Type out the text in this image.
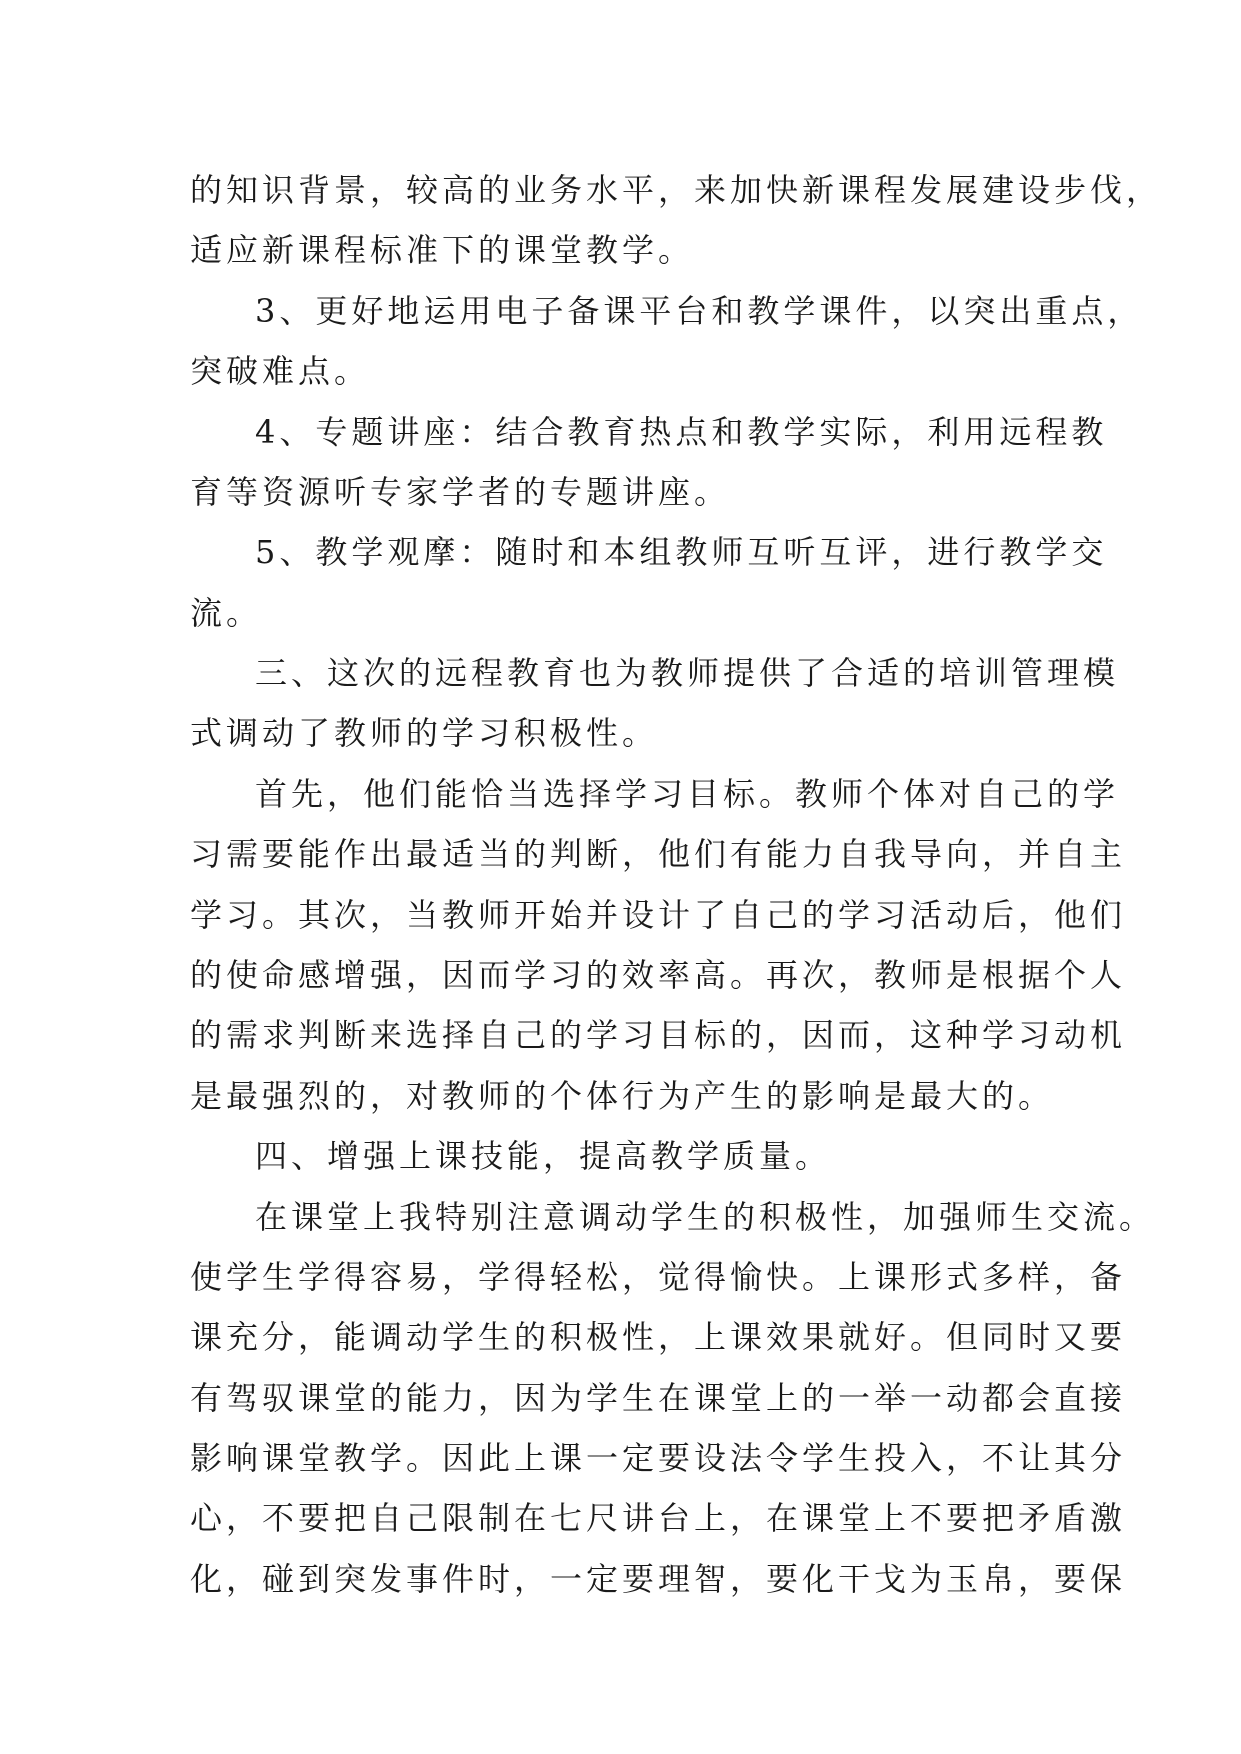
的知识背景，较高的业务水平，来加快新课程发展建设步伐，
适应新课程标准下的课堂教学。
3、更好地运用电子备课平台和教学课件，以突出重点，
突破难点。
4、专题讲座：结合教育热点和教学实际，利用远程教
育等资源听专家学者的专题讲座。
5、教学观摩：随时和本组教师互听互评，进行教学交
流。
三、这次的远程教育也为教师提供了合适的培训管理模
式调动了教师的学习积极性。
首先，他们能恰当选择学习目标。教师个体对自己的学
习需要能作出最适当的判断，他们有能力自我导向，并自主
学习。其次，当教师开始并设计了自己的学习活动后，他们
的使命感增强，因而学习的效率高。再次，教师是根据个人
的需求判断来选择自己的学习目标的，因而，这种学习动机
是最强烈的，对教师的个体行为产生的影响是最大的。
四、增强上课技能，提高教学质量。
在课堂上我特别注意调动学生的积极性，加强师生交流。
使学生学得容易，学得轻松，觉得愉快。上课形式多样，备
课充分，能调动学生的积极性，上课效果就好。但同时又要
有驾驭课堂的能力，因为学生在课堂上的一举一动都会直接
影响课堂教学。因此上课一定要设法令学生投入，不让其分
心，不要把自己限制在七尺讲台上，在课堂上不要把矛盾激
化，碰到突发事件时，一定要理智，要化干戈为玉帛，要保
